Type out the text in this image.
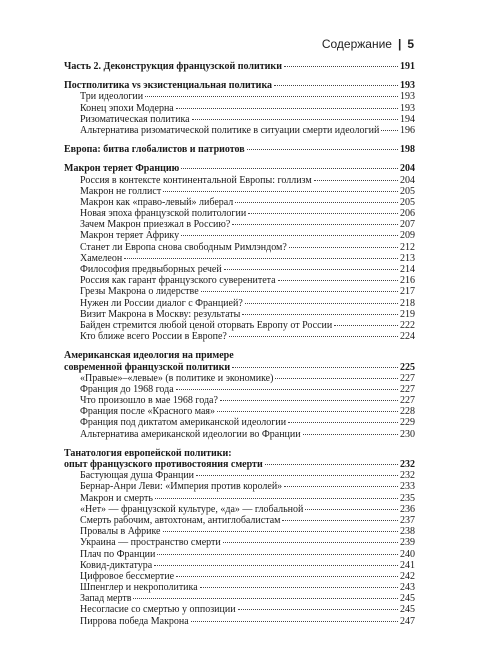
Содержание | 5
Часть 2. Деконструкция французской политики	191
Постполитика vs экзистенциальная политика	193
Три идеологии	193
Конец эпохи Модерна	193
Ризоматическая политика	194
Альтернатива ризоматической политике в ситуации смерти идеологий 196
Европа: битва глобалистов и патриотов	198
Макрон теряет Францию	204
Россия в контексте континентальной Европы: голлизм	204
Макрон не голлист	205
Макрон как «право-левый» либерал	205
Новая эпоха французской политологии	206
Зачем Макрон приезжал в Россию?	207
Макрон теряет Африку	209
Станет ли Европа снова свободным Римлэндом?	212
Хамелеон	213
Философия предвыборных речей	214
Россия как гарант французского суверенитета	216
Грезы Макрона о лидерстве	217
Нужен ли России диалог с Францией?	218
Визит Макрона в Москву: результаты	219
Байден стремится любой ценой оторвать Европу от России	222
Кто ближе всего России в Европе?	224
Американская идеология на примере
современной французской политики	225
«Правые»–«левые» (в политике и экономике)	227
Франция до 1968 года	227
Что произошло в мае 1968 года?	227
Франция после «Красного мая»	228
Франция под диктатом американской идеологии	229
Альтернатива американской идеологии во Франции	230
Танатология европейской политики:
опыт французского противостояния смерти	232
Бастующая душа Франции	232
Бернар-Анри Леви: «Империя против королей»	233
Макрон и смерть	235
«Нет» — французской культуре, «да» — глобальной	236
Смерть рабочим, автохтонам, антиглобалистам	237
Провалы в Африке	238
Украина — пространство смерти	239
Плач по Франции	240
Ковид-диктатура	241
Цифровое бессмертие	242
Шпенглер и некрополитика	243
Запад мертв	245
Несогласие со смертью у оппозиции	245
Пиррова победа Макрона	247
